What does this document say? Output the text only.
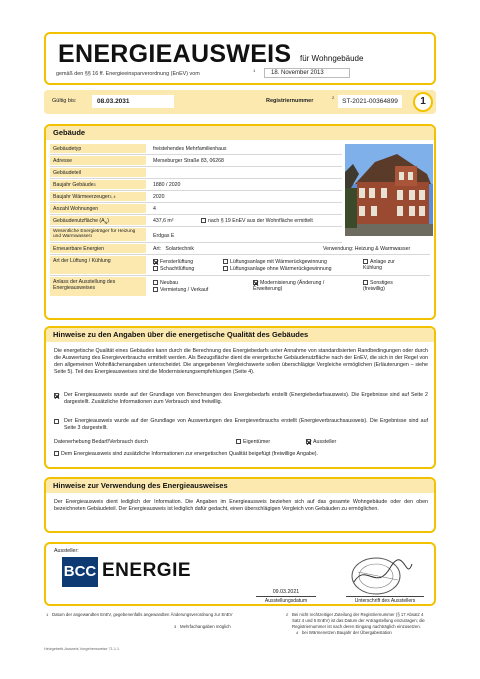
ENERGIEAUSWEIS für Wohngebäude
gemäß den §§ 16 ff. Energieeinsparverordnung (EnEV) vom
1	18. November 2013
Gültig bis:	08.03.2031	Registriernummer
2
ST-2021-00364899	1
Gebäude
Gebäudetyp	freistehendes Mehrfamilienhaus
Adresse	Merseburger Straße 83, 06268
Gebäudeteil
Baujahr Gebäude$^3$	1880 / 2020
Baujahr Wärmeerzeuger$^{3, 4}$	2020
Anzahl Wohnungen	4
Gebäudenutzfläche $(A_N)$	437,6 m²	nach § 19 EnEV aus der Wohnfläche ermittelt
Wesentliche Energieträger für Heizung und Warmwasser$^3$	Erdgas E
Erneuerbare Energien	Art: Solartechnik	Verwendung: Heizung & Warmwasser
Art der Lüftung / Kühlung	Fensterlüftung
Schachtlüftung
Lüftungsanlage mit Wärmerückgewinnung
Lüftungsanlage ohne Wärmerückgewinnung
Anlage zur Kühlung
Anlass der Ausstellung des Energieausweises
Neubau
Vermietung / Verkauf
Modernisierung (Änderung / Erweiterung)
Sonstiges (freiwillig)
Hinweise zu den Angaben über die energetische Qualität des Gebäudes
Die energetische Qualität eines Gebäudes kann durch die Berechnung des Energiebedarfs unter Annahme von standardisierten Randbedingungen oder durch die Auswertung des Energieverbrauchs ermittelt werden. Als Bezugsfläche dient die energetische Gebäudenutzfläche nach der EnEV, die sich in der Regel von den allgemeinen Wohnflächenangaben unterscheidet. Die angegebenen Vergleichswerte sollen überschlägige Vergleiche ermöglichen (Erläuterungen – siehe Seite 5). Teil des Energieausweises sind die Modernisierungsempfehlungen (Seite 4).
Der Energieausweis wurde auf der Grundlage von Berechnungen des Energiebedarfs erstellt (Energiebedarfsausweis). Die Ergebnisse sind auf Seite 2 dargestellt. Zusätzliche Informationen zum Verbrauch sind freiwillig.
Der Energieausweis wurde auf der Grundlage von Auswertungen des Energieverbrauchs erstellt (Energieverbrauchsausweis). Die Ergebnisse sind auf Seite 3 dargestellt.
Datenerhebung Bedarf/Verbrauch durch	Eigentümer	Aussteller
Dem Energieausweis sind zusätzliche Informationen zur energetischen Qualität beigefügt (freiwillige Angabe).
Hinweise zur Verwendung des Energieausweises
Der Energieausweis dient lediglich der Information. Die Angaben im Energieausweis beziehen sich auf das gesamte Wohngebäude oder den oben bezeichneten Gebäudeteil. Der Energieausweis ist lediglich dafür gedacht, einen überschlägigen Vergleich von Gebäuden zu ermöglichen.
Aussteller:
BCC ENERGIE
09.03.2021
Ausstellungsdatum	Unterschrift des Ausstellers
1 Datum der angewandten EnEV, gegebenenfalls angewandten Änderungsverordnung zur EnEV	2 Bei nicht rechtzeitiger Zuteilung der Registriernummer (§ 17 Absatz 4 Satz 4 und 5 EnEV) ist das Datum der Antragstellung einzutragen; die Registriernummer ist nach deren Eingang nachträglich einzusetzen.
3 Mehrfachangaben möglich
4 bei Wärmenetzen Baujahr der Übergabestation
Heizgebeth-Ausweis Vorgehensweise 71.1.1
